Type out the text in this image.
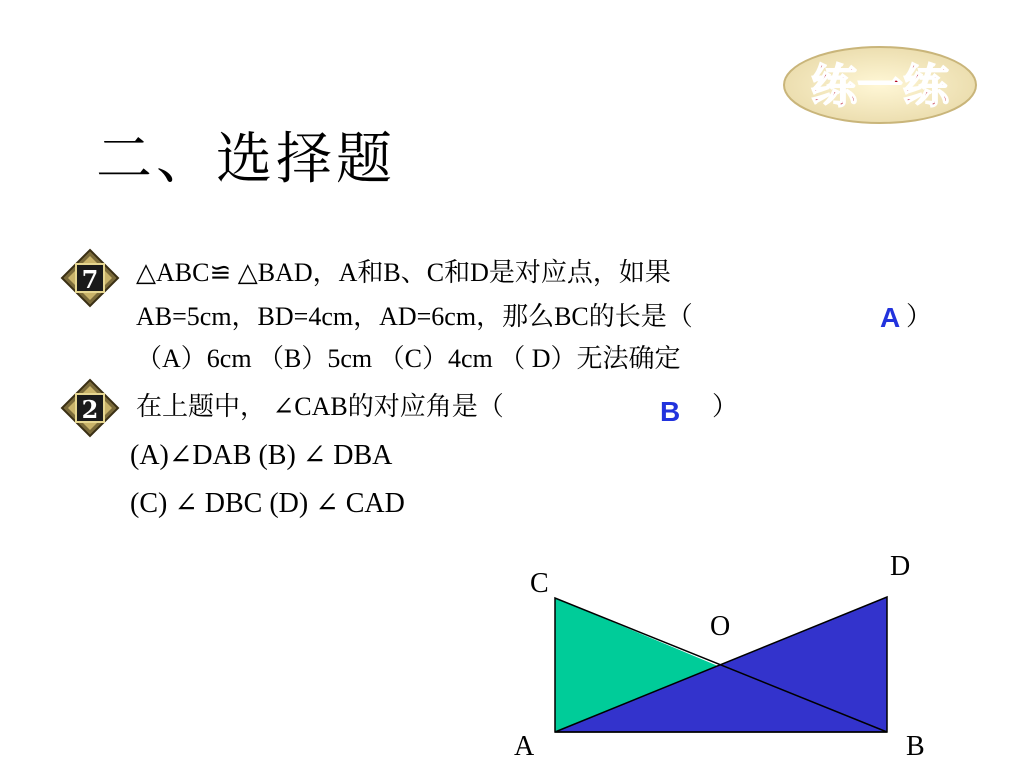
练一练
二、选择题
7 △ABC≌ △BAD，A和B、C和D是对应点，如果
AB=5cm，BD=4cm，AD=6cm，那么BC的长是（	A ）
（A）6cm （B）5cm （C）4cm （ D）无法确定
2 在上题中， ∠CAB的对应角是（	B ）
(A)∠DAB (B) ∠ DBA
(C) ∠ DBC (D) ∠ CAD
C
D
O
A	B
